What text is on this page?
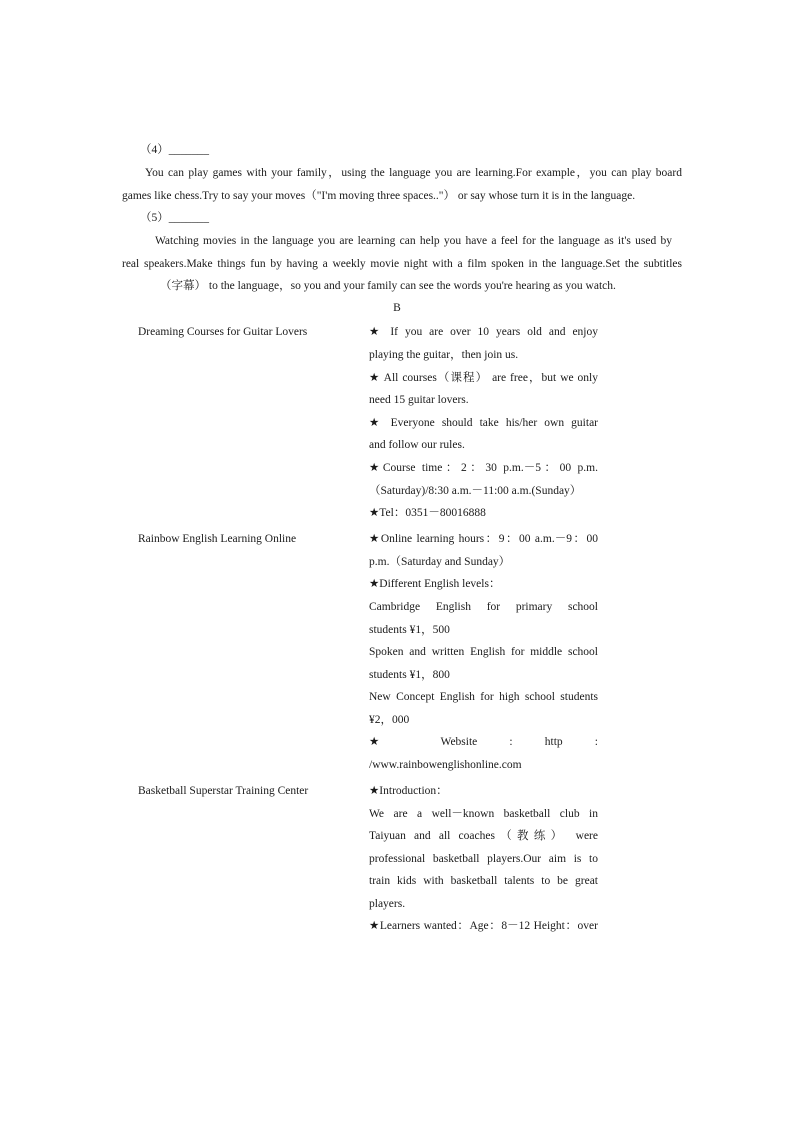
（4）_______
You can play games with your family，using the language you are learning.For example，you can play board
games like chess.Try to say your moves（"I'm moving three spaces.."） or say whose turn it is in the language.
（5）_______
Watching movies in the language you are learning can help you have a feel for the language as it's used by
real speakers.Make things fun by having a weekly movie night with a film spoken in the language.Set the subtitles
（字幕） to the language，so you and your family can see the words you're hearing as you watch.
B
Dreaming Courses for Guitar Lovers	★ If you are over 10 years old and enjoy
playing the guitar，then join us.
★ All courses（课程） are free，but we only
need 15 guitar lovers.
★ Everyone should take his/her own guitar
and follow our rules.
★Course time：2：30 p.m.－5：00 p.m.
（Saturday)/8:30 a.m.－11:00 a.m.(Sunday）
★Tel：0351－80016888
Rainbow English Learning Online	★Online learning hours：9：00 a.m.－9：00
p.m.（Saturday and Sunday）
★Different English levels：
Cambridge English for primary school
students ¥1，500
Spoken and written English for middle school
students ¥1，800
New Concept English for high school students
¥2，000
★ Website : http :
/www.rainbowenglishonline.com
Basketball Superstar Training Center	★Introduction：
We are a well－known basketball club in
Taiyuan and all coaches（教练） were
professional basketball players.Our aim is to
train kids with basketball talents to be great
players.
★Learners wanted：Age：8－12 Height：over
